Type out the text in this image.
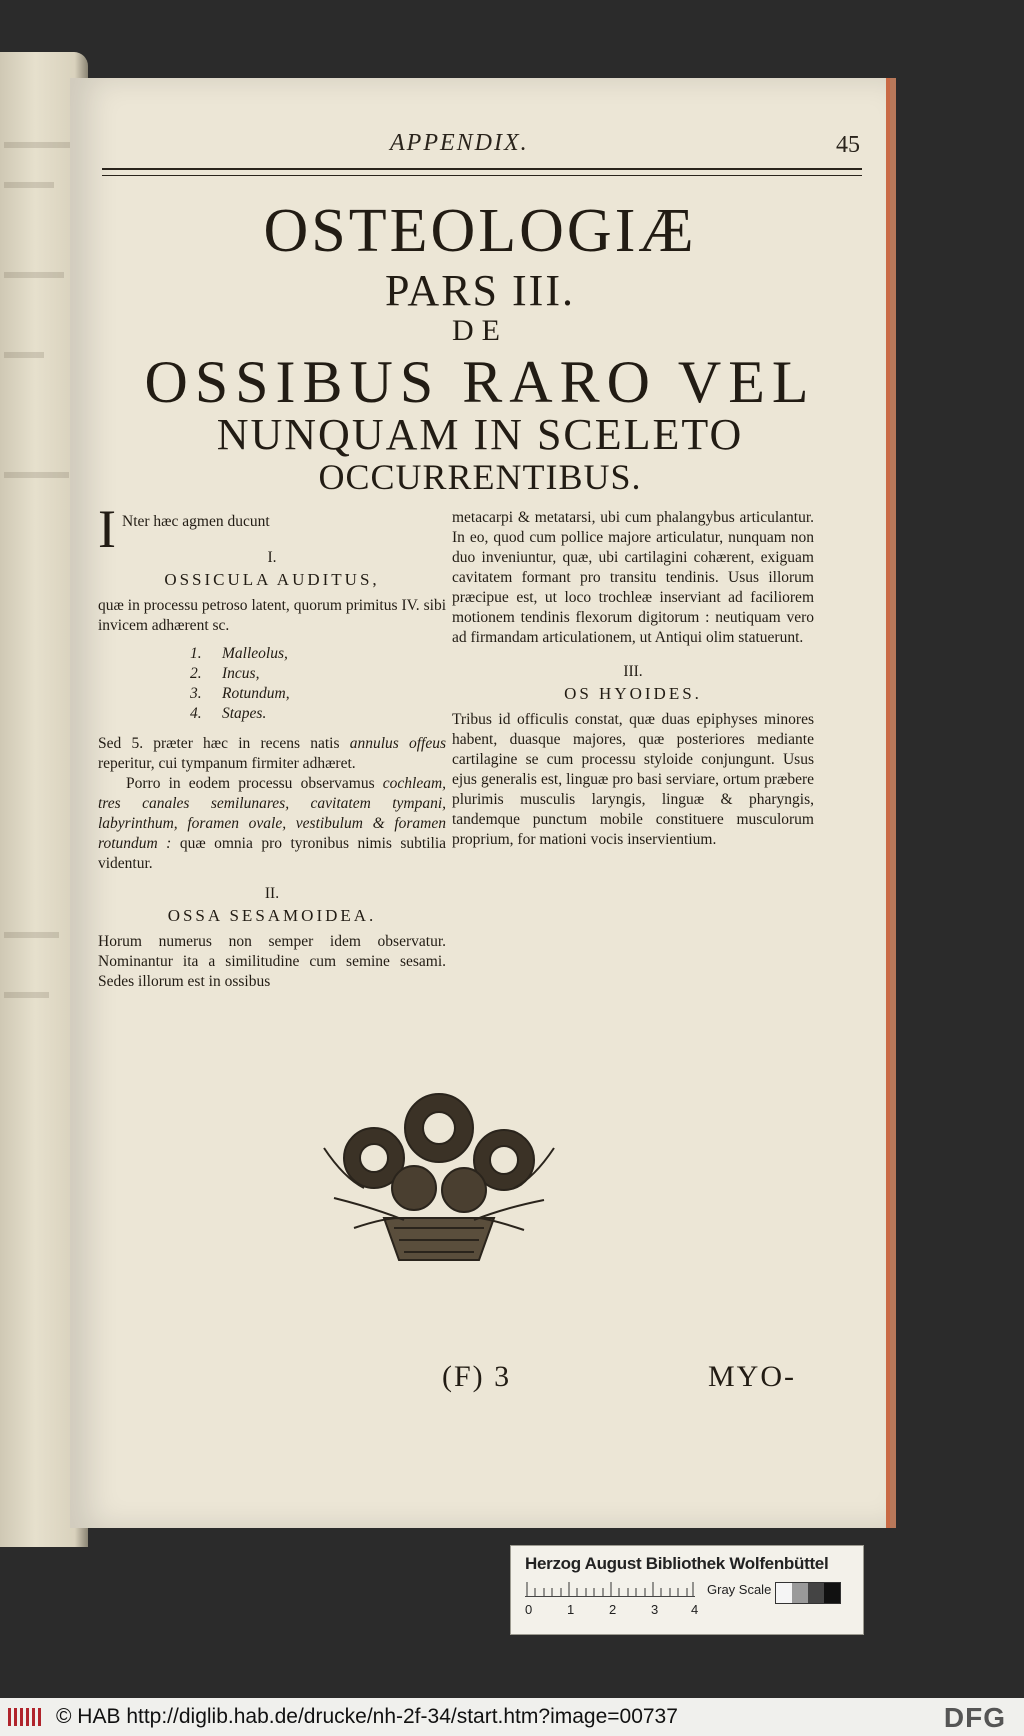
APPENDIX.	45
OSTEOLOGIÆ
PARS III.
DE
OSSIBUS RARO VEL
NUNQUAM IN SCELETO
OCCURRENTIBUS.
I Nter hæc agmen ducunt

I.

OSSICULA AUDITUS,

quæ in processu petroso latent, quorum primitus IV. sibi invicem adhærent sc.

1. Malleolus,
2. Incus,
3. Rotundum,
4. Stapes.

Sed 5. præter hæc in recens natis annulus offeus reperitur, cui tympanum firmiter adhæret.

Porro in eodem processu observamus cochleam, tres canales semilunares, cavitatem tympani, labyrinthum, foramen ovale, vestibulum & foramen rotundum : quæ omnia pro tyronibus nimis subtilia videntur.

II.

OSSA SESAMOIDEA.

Horum numerus non semper idem observatur. Nominantur ita a similitudine cum semine sesami. Sedes illorum est in ossibus

metacarpi & metatarsi, ubi cum phalangybus articulantur. In eo, quod cum pollice majore articulatur, nunquam non duo inveniuntur, quæ, ubi cartilagini cohærent, exiguam cavitatem formant pro transitu tendinis. Usus illorum præcipue est, ut loco trochleæ inserviant ad faciliorem motionem tendinis flexorum digitorum : neutiquam vero ad firmandam articulationem, ut Antiqui olim statuerunt.

III.

OS HYOIDES.

Tribus id officulis constat, quæ duas epiphyses minores habent, duasque majores, quæ posteriores mediante cartilagine se cum processu styloide conjungunt. Usus ejus generalis est, linguæ pro basi serviare, ortum præbere plurimis musculis laryngis, linguæ & pharyngis, tandemque punctum mobile constituere musculorum proprium, for mationi vocis inservientium.

(F) 3	MYO-
Herzog August Bibliothek Wolfenbüttel
0	1	2	3	4
Gray Scale
© HAB http://diglib.hab.de/drucke/nh-2f-34/start.htm?image=00737	DFG
